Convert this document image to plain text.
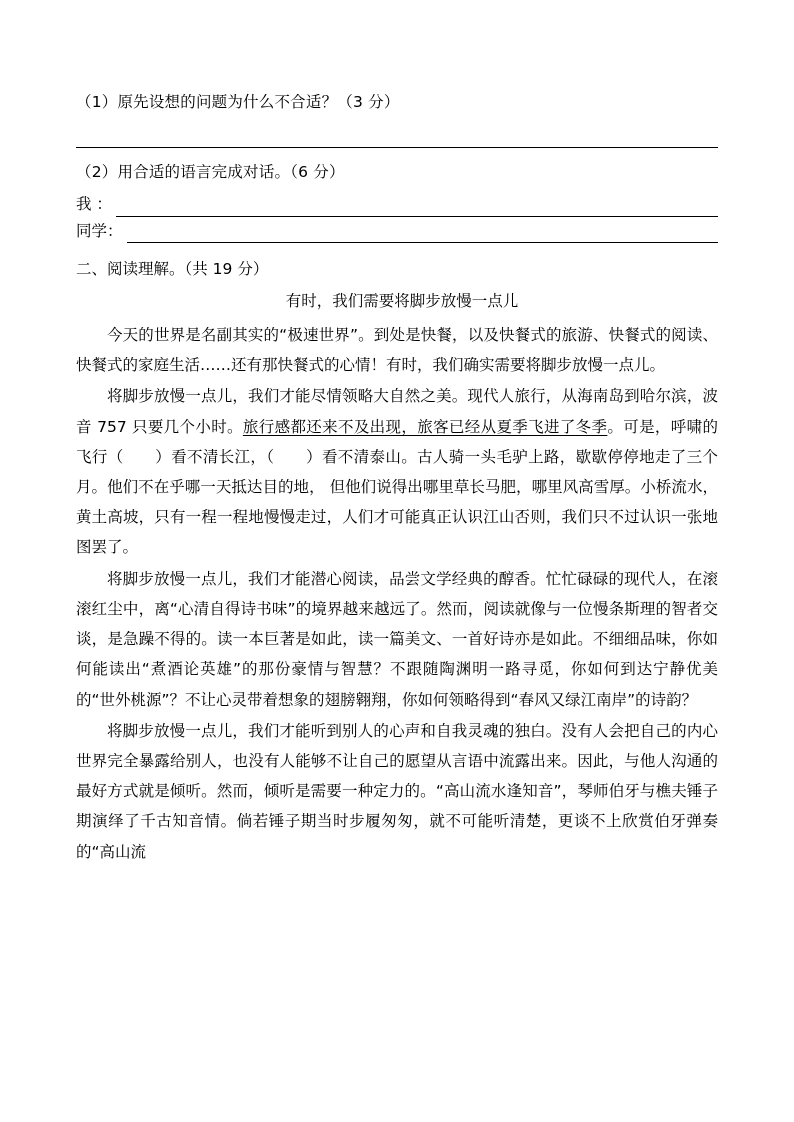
（1）原先设想的问题为什么不合适？（3 分）
（2）用合适的语言完成对话。（6 分）
我 ：
同学：
二、阅读理解。（共 19 分）
有时，我们需要将脚步放慢一点儿
今天的世界是名副其实的“极速世界”。到处是快餐，以及快餐式的旅游、快餐式的阅读、快餐式的家庭生活……还有那快餐式的心情！有时，我们确实需要将脚步放慢一点儿。
将脚步放慢一点儿，我们才能尽情领略大自然之美。现代人旅行，从海南岛到哈尔滨，波音 757 只要几个小时。旅行感都还来不及出现，旅客已经从夏季飞进了冬季。可是，呼啸的飞行（　　）看不清长江，（　　）看不清泰山。古人骑一头毛驴上路，歇歇停停地走了三个月。他们不在乎哪一天抵达目的地， 但他们说得出哪里草长马肥，哪里风高雪厚。小桥流水，黄土高坡，只有一程一程地慢慢走过，人们才可能真正认识江山否则，我们只不过认识一张地图罢了。
将脚步放慢一点儿，我们才能潜心阅读，品尝文学经典的醇香。忙忙碌碌的现代人，在滚滚红尘中，离“心清自得诗书味”的境界越来越远了。然而，阅读就像与一位慢条斯理的智者交谈，是急躁不得的。读一本巨著是如此，读一篇美文、一首好诗亦是如此。不细细品味，你如何能读出“煮酒论英雄”的那份豪情与智慧？不跟随陶渊明一路寻觅，你如何到达宁静优美的“世外桃源”？不让心灵带着想象的翅膀翱翔，你如何领略得到“春风又绿江南岸”的诗韵？
将脚步放慢一点儿，我们才能听到别人的心声和自我灵魂的独白。没有人会把自己的内心世界完全暴露给别人，也没有人能够不让自己的愿望从言语中流露出来。因此，与他人沟通的最好方式就是倾听。然而，倾听是需要一种定力的。“高山流水逢知音”，琴师伯牙与樵夫锤子期演绎了千古知音情。倘若锤子期当时步履匆匆，就不可能听清楚，更谈不上欣赏伯牙弹奏的“高山流
